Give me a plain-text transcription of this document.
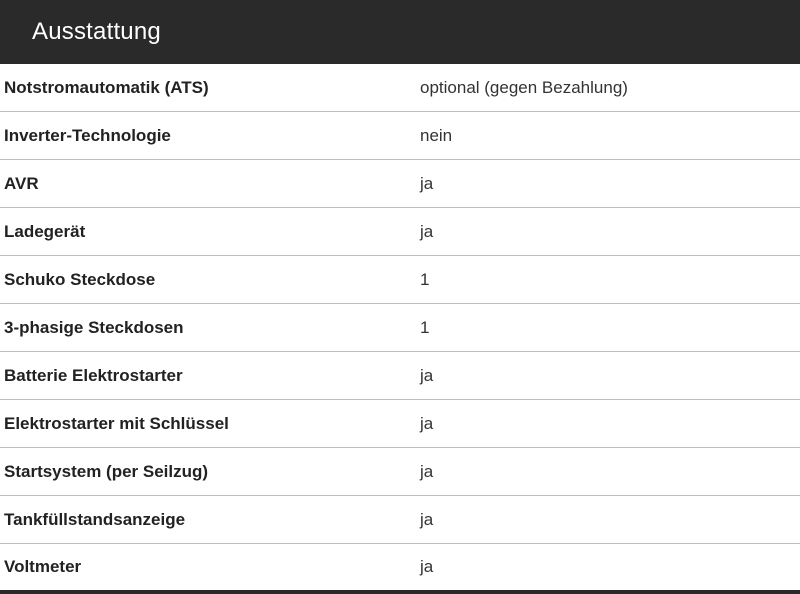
Ausstattung
Notstromautomatik (ATS)	optional (gegen Bezahlung)
Inverter-Technologie	nein
AVR	ja
Ladegerät	ja
Schuko Steckdose	1
3-phasige Steckdosen	1
Batterie Elektrostarter	ja
Elektrostarter mit Schlüssel	ja
Startsystem (per Seilzug)	ja
Tankfüllstandsanzeige	ja
Voltmeter	ja
